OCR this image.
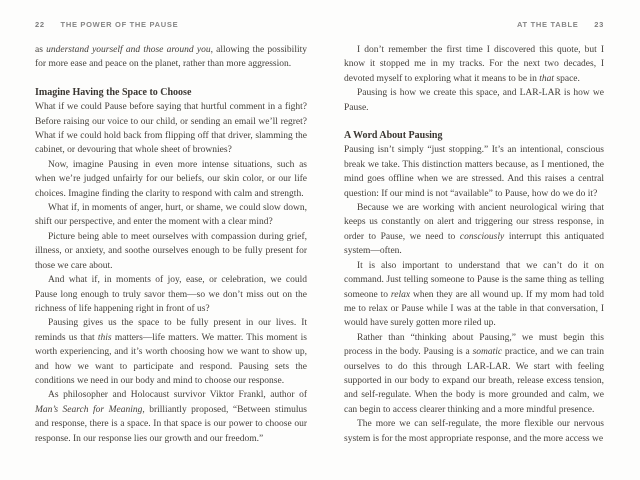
22 THE POWER OF THE PAUSE

as understand yourself and those around you, allowing the possibility for more ease and peace on the planet, rather than more aggression.

Imagine Having the Space to Choose

What if we could Pause before saying that hurtful comment in a fight? Before raising our voice to our child, or sending an email we’ll regret? What if we could hold back from flipping off that driver, slamming the cabinet, or devouring that whole sheet of brownies?

Now, imagine Pausing in even more intense situations, such as when we’re judged unfairly for our beliefs, our skin color, or our life choices. Imagine finding the clarity to respond with calm and strength.

What if, in moments of anger, hurt, or shame, we could slow down, shift our perspective, and enter the moment with a clear mind?

Picture being able to meet ourselves with compassion during grief, illness, or anxiety, and soothe ourselves enough to be fully present for those we care about.

And what if, in moments of joy, ease, or celebration, we could Pause long enough to truly savor them—so we don’t miss out on the richness of life happening right in front of us?

Pausing gives us the space to be fully present in our lives. It reminds us that this matters—life matters. We matter. This moment is worth experiencing, and it’s worth choosing how we want to show up, and how we want to participate and respond. Pausing sets the conditions we need in our body and mind to choose our response.

As philosopher and Holocaust survivor Viktor Frankl, author of Man’s Search for Meaning, brilliantly proposed, “Between stimulus and response, there is a space. In that space is our power to choose our response. In our response lies our growth and our freedom.”

AT THE TABLE 23

I don’t remember the first time I discovered this quote, but I know it stopped me in my tracks. For the next two decades, I devoted myself to exploring what it means to be in that space.

Pausing is how we create this space, and LAR-LAR is how we Pause.

A Word About Pausing

Pausing isn’t simply “just stopping.” It’s an intentional, conscious break we take. This distinction matters because, as I mentioned, the mind goes offline when we are stressed. And this raises a central question: If our mind is not “available” to Pause, how do we do it?

Because we are working with ancient neurological wiring that keeps us constantly on alert and triggering our stress response, in order to Pause, we need to consciously interrupt this antiquated system—often.

It is also important to understand that we can’t do it on command. Just telling someone to Pause is the same thing as telling someone to relax when they are all wound up. If my mom had told me to relax or Pause while I was at the table in that conversation, I would have surely gotten more riled up.

Rather than “thinking about Pausing,” we must begin this process in the body. Pausing is a somatic practice, and we can train ourselves to do this through LAR-LAR. We start with feeling supported in our body to expand our breath, release excess tension, and self-regulate. When the body is more grounded and calm, we can begin to access clearer thinking and a more mindful presence.

The more we can self-regulate, the more flexible our nervous system is for the most appropriate response, and the more access we
